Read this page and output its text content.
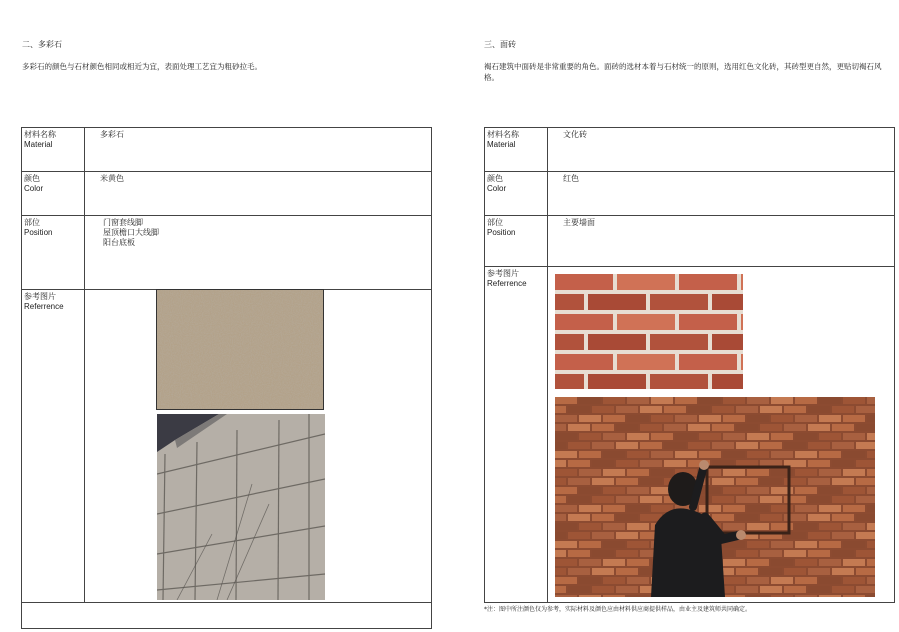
二、多彩石
多彩石的颜色与石材颜色相同或相近为宜，表面处理工艺宜为粗砂拉毛。
材料名称
Material	多彩石

颜色
Color	米黄色

部位
Position	门窗套线脚
屋顶檐口大线脚
阳台底板

参考图片
Referrence	

三、面砖
褐石建筑中面砖是非常重要的角色。面砖的选材本着与石材统一的原则，选用红色文化砖，其砖型更自然，更贴切褐石风格。
材料名称
Material	文化砖

颜色
Color	红色

部位
Position	主要墙面

参考图片
Referrence	

*注：图中所注颜色仅为参考，实际材料及颜色应由材料供应商提供样品，由业主及建筑师共同确定。
